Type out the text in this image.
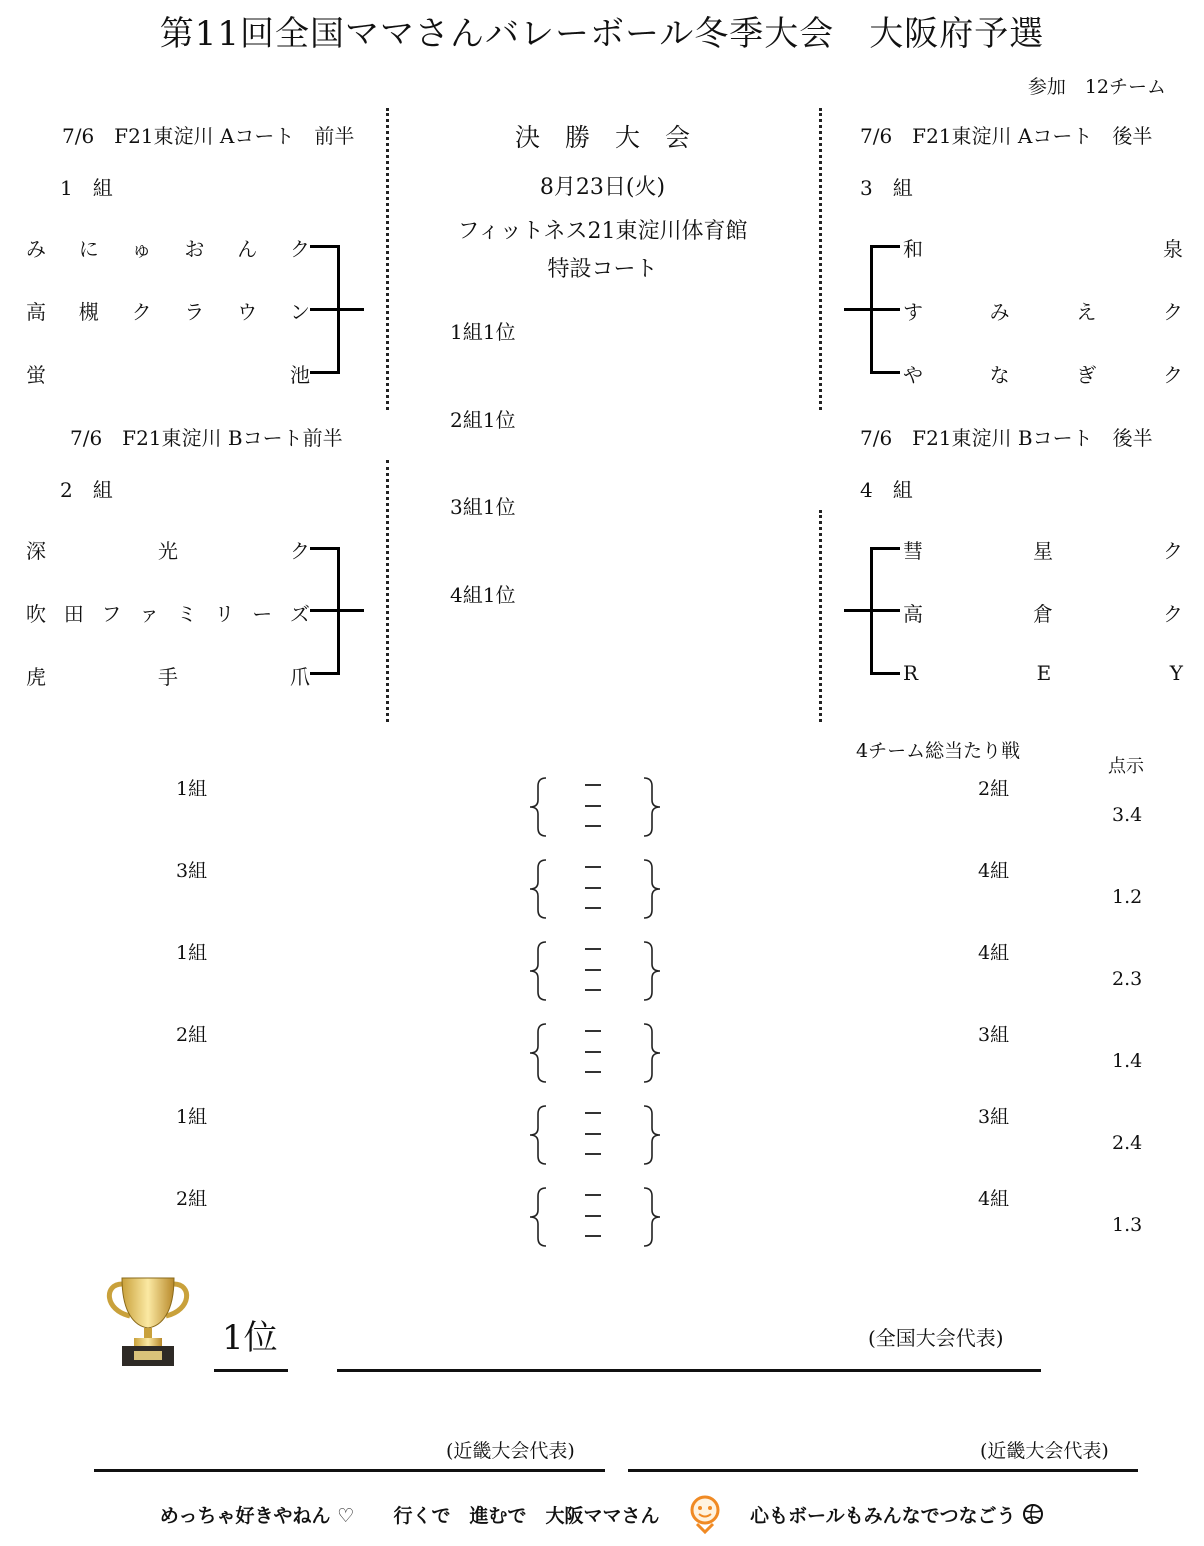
第11回全国ママさんバレーボール冬季大会　大阪府予選
参加　12チーム
7/6　F21東淀川 Aコート　前半
1　組
み に ゅ お ん ク
高 槻 ク ラ ウ ン
蛍	池
7/6　F21東淀川 Bコート前半
2　組
深	光	ク
吹 田 フ ァ ミ リ ー ズ
虎	手	爪
7/6　F21東淀川 Aコート　後半
3　組
和	泉
す	み	え	ク
や	な	ぎ	ク
7/6　F21東淀川 Bコート　後半
4　組
彗	星	ク
高	倉	ク
R	E	Y
決　勝　大　会
8月23日(火)
フィットネス21東淀川体育館
特設コート
1組1位
2組1位
3組1位
4組1位
4チーム総当たり戦
点示
1組	2組
3.4
3組	4組
1.2
1組	4組
2.3
2組	3組
1.4
1組	3組
2.4
2組	4組
1.3
1位	(全国大会代表)
(近畿大会代表)	(近畿大会代表)
めっちゃ好きやねん ♡ 行くで　進むで　大阪ママさん	心もボールもみんなでつなごう
